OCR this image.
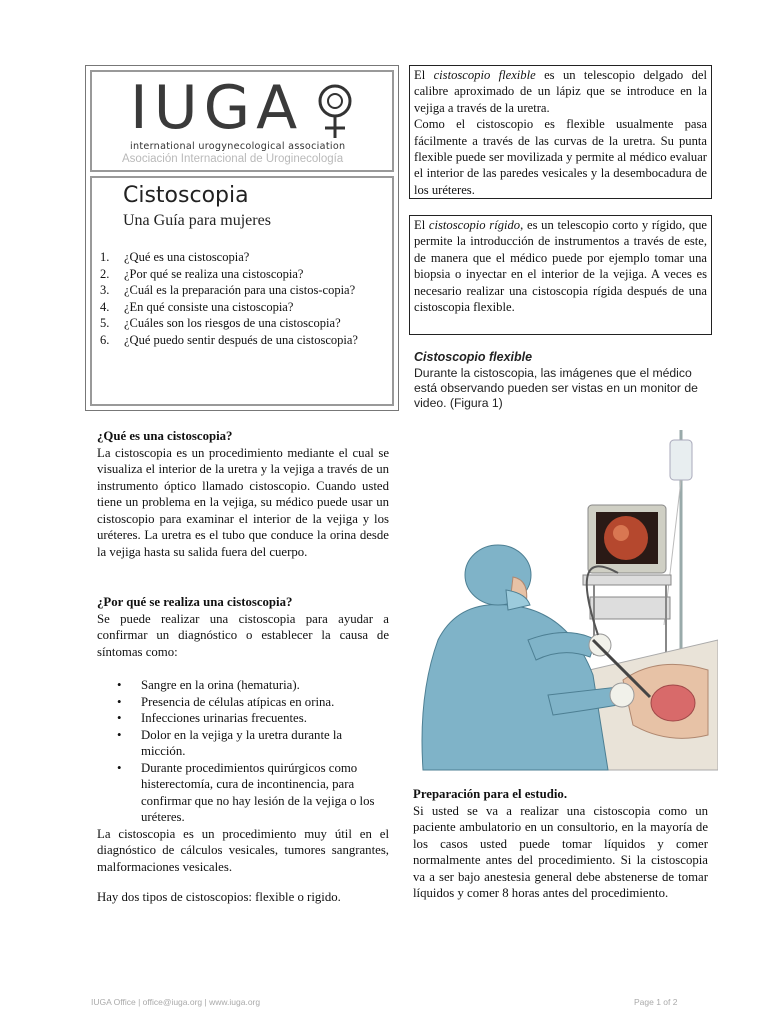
IUGA
international urogynecological association
Asociación Internacional de Uroginecología
Cistoscopia
Una Guía para mujeres
1. ¿Qué es una cistoscopia?
2. ¿Por qué se realiza una cistoscopia?
3. ¿Cuál es la preparación para una cistos-copia?
4. ¿En qué consiste una cistoscopia?
5. ¿Cuáles son los riesgos de una cistoscopia?
6. ¿Qué puedo sentir después de una cistoscopia?
El cistoscopio flexible es un telescopio delgado del calibre aproximado de un lápiz que se introduce en la vejiga a través de la uretra.
Como el cistoscopio es flexible usualmente pasa fácilmente a través de las curvas de la uretra. Su punta flexible puede ser movilizada y permite al médico evaluar el interior de las paredes vesicales y la desembocadura de los uréteres.
El cistoscopio rígido, es un telescopio corto y rígido, que permite la introducción de instrumentos a través de este, de manera que el médico puede por ejemplo tomar una biopsia o inyectar en el interior de la vejiga. A veces es necesario realizar una cistoscopia rígida después de una cistoscopia flexible.
Cistoscopio flexible
Durante la cistoscopia, las imágenes que el médico está observando pueden ser vistas en un monitor de video. (Figura 1)
¿Qué es una cistoscopia?
La cistoscopia es un procedimiento mediante el cual se visualiza el interior de la uretra y la vejiga a través de un instrumento óptico llamado cistoscopio. Cuando usted tiene un problema en la vejiga, su médico puede usar un cistoscopio para examinar el interior de la vejiga y los uréteres. La uretra es el tubo que conduce la orina desde la vejiga hasta su salida fuera del cuerpo.
¿Por qué se realiza una cistoscopia?
Se puede realizar una cistoscopia para ayudar a confirmar un diagnóstico o establecer la causa de síntomas como:
• Sangre en la orina (hematuria).
• Presencia de células atípicas en orina.
• Infecciones urinarias frecuentes.
• Dolor en la vejiga y la uretra durante la micción.
• Durante procedimientos quirúrgicos como histerectomía, cura de incontinencia, para confirmar que no hay lesión de la vejiga o los uréteres.
La cistoscopia es un procedimiento muy útil en el diagnóstico de cálculos vesicales, tumores sangrantes, malformaciones vesicales.
Hay dos tipos de cistoscopios: flexible o rigido.
Preparación para el estudio.
Si usted se va a realizar una cistoscopia como un paciente ambulatorio en un consultorio, en la mayoría de los casos usted puede tomar líquidos y comer normalmente antes del procedimiento. Si la cistoscopia va a ser bajo anestesia general debe abstenerse de tomar líquidos y comer 8 horas antes del procedimiento.
IUGA Office | office@iuga.org | www.iuga.org	Page 1 of 2
